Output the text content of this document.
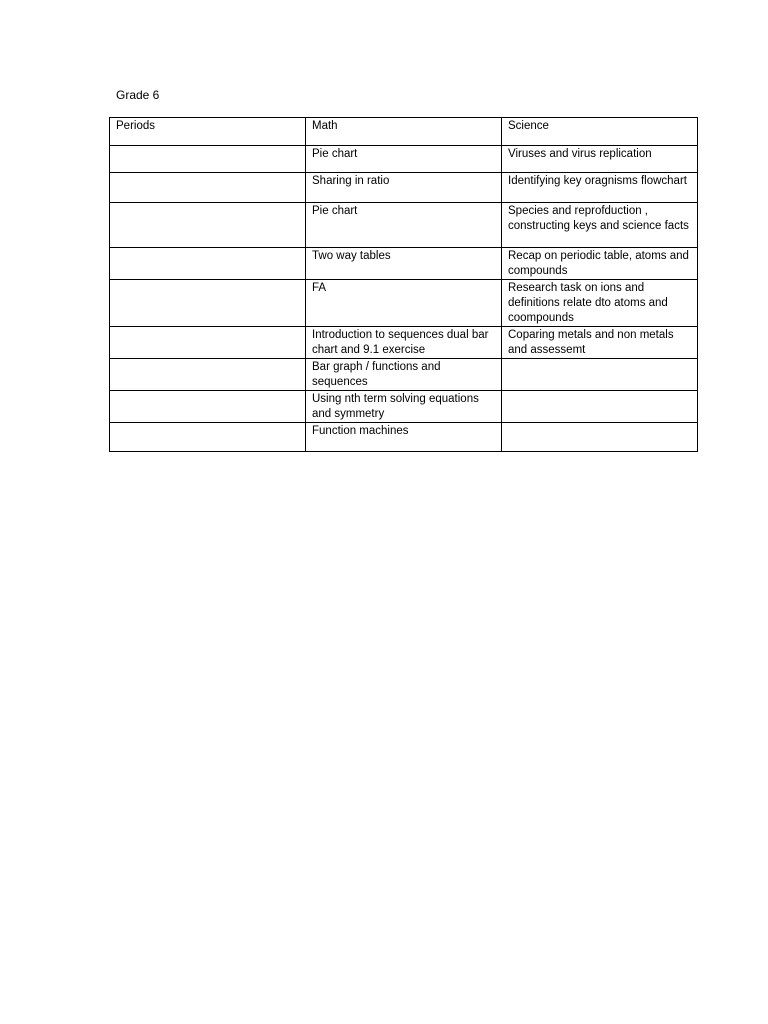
Grade 6
Periods	Math	Science

	Pie chart	Viruses and virus replication

	Sharing in ratio	Identifying key oragnisms flowchart

	Pie chart	Species and reprofduction , constructing keys and science facts

	Two way tables	Recap on periodic table, atoms and compounds

	FA	Research task on ions and definitions relate dto atoms and coompounds

	Introduction to sequences dual bar chart and 9.1 exercise	Coparing metals and non metals and assessemt

	Bar graph / functions and sequences	

	Using nth term solving equations and symmetry	

	Function machines	
